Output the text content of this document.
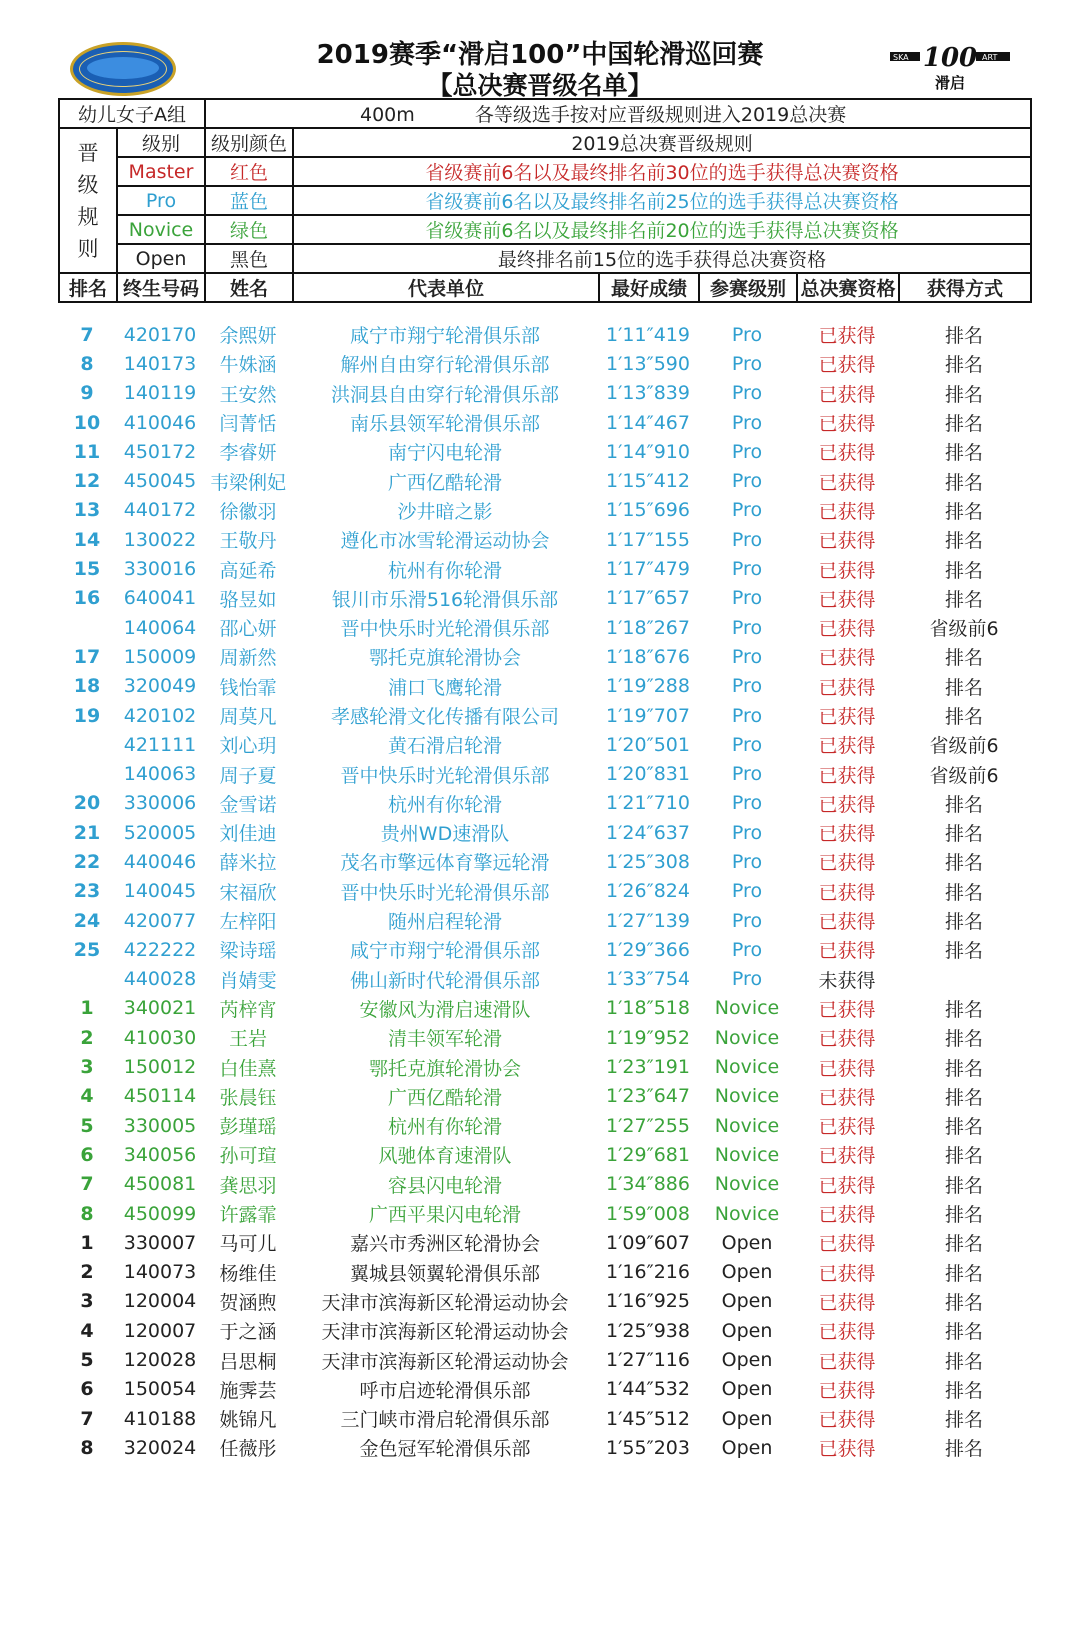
2019赛季“滑启100”中国轮滑巡回赛
【总决赛晋级名单】
SKA	ART
100
滑启
幼儿女子A组		400m 各等级选手按对应晋级规则进入2019总决赛					

晋
级
规
则	级别	级别颜色	2019总决赛晋级规则				
	Master	红色	省级赛前6名以及最终排名前30位的选手获得总决赛资格				
	Pro	蓝色	省级赛前6名以及最终排名前25位的选手获得总决赛资格				
	Novice	绿色	省级赛前6名以及最终排名前20位的选手获得总决赛资格				
	Open	黑色	最终排名前15位的选手获得总决赛资格				
排名	终生号码	姓名	代表单位	最好成绩	参赛级别	总决赛资格	获得方式
7	420170	余熙妍	咸宁市翔宁轮滑俱乐部	1′11″419	Pro	已获得	排名
8	140173	牛姝涵	解州自由穿行轮滑俱乐部	1′13″590	Pro	已获得	排名
9	140119	王安然	洪洞县自由穿行轮滑俱乐部	1′13″839	Pro	已获得	排名
10	410046	闫菁恬	南乐县领军轮滑俱乐部	1′14″467	Pro	已获得	排名
11	450172	李睿妍	南宁闪电轮滑	1′14″910	Pro	已获得	排名
12	450045	韦梁俐妃	广西亿酷轮滑	1′15″412	Pro	已获得	排名
13	440172	徐徽羽	沙井暗之影	1′15″696	Pro	已获得	排名
14	130022	王敬丹	遵化市冰雪轮滑运动协会	1′17″155	Pro	已获得	排名
15	330016	高延希	杭州有你轮滑	1′17″479	Pro	已获得	排名
16	640041	骆昱如	银川市乐滑516轮滑俱乐部	1′17″657	Pro	已获得	排名
	140064	邵心妍	晋中快乐时光轮滑俱乐部	1′18″267	Pro	已获得	省级前6
17	150009	周新然	鄂托克旗轮滑协会	1′18″676	Pro	已获得	排名
18	320049	钱怡霏	浦口飞鹰轮滑	1′19″288	Pro	已获得	排名
19	420102	周莫凡	孝感轮滑文化传播有限公司	1′19″707	Pro	已获得	排名
	421111	刘心玥	黄石滑启轮滑	1′20″501	Pro	已获得	省级前6
	140063	周子夏	晋中快乐时光轮滑俱乐部	1′20″831	Pro	已获得	省级前6
20	330006	金雪诺	杭州有你轮滑	1′21″710	Pro	已获得	排名
21	520005	刘佳迪	贵州WD速滑队	1′24″637	Pro	已获得	排名
22	440046	薛米拉	茂名市擎远体育擎远轮滑	1′25″308	Pro	已获得	排名
23	140045	宋福欣	晋中快乐时光轮滑俱乐部	1′26″824	Pro	已获得	排名
24	420077	左梓阳	随州启程轮滑	1′27″139	Pro	已获得	排名
25	422222	梁诗瑶	咸宁市翔宁轮滑俱乐部	1′29″366	Pro	已获得	排名
	440028	肖婧雯	佛山新时代轮滑俱乐部	1′33″754	Pro	未获得	
1	340021	芮梓宵	安徽风为滑启速滑队	1′18″518	Novice	已获得	排名
2	410030	王岩	清丰领军轮滑	1′19″952	Novice	已获得	排名
3	150012	白佳熹	鄂托克旗轮滑协会	1′23″191	Novice	已获得	排名
4	450114	张晨钰	广西亿酷轮滑	1′23″647	Novice	已获得	排名
5	330005	彭瑾瑶	杭州有你轮滑	1′27″255	Novice	已获得	排名
6	340056	孙可瑄	风驰体育速滑队	1′29″681	Novice	已获得	排名
7	450081	龚思羽	容县闪电轮滑	1′34″886	Novice	已获得	排名
8	450099	许露霏	广西平果闪电轮滑	1′59″008	Novice	已获得	排名
1	330007	马可儿	嘉兴市秀洲区轮滑协会	1′09″607	Open	已获得	排名
2	140073	杨维佳	翼城县领翼轮滑俱乐部	1′16″216	Open	已获得	排名
3	120004	贺涵煦	天津市滨海新区轮滑运动协会	1′16″925	Open	已获得	排名
4	120007	于之涵	天津市滨海新区轮滑运动协会	1′25″938	Open	已获得	排名
5	120028	吕思桐	天津市滨海新区轮滑运动协会	1′27″116	Open	已获得	排名
6	150054	施霁芸	呼市启迹轮滑俱乐部	1′44″532	Open	已获得	排名
7	410188	姚锦凡	三门峡市滑启轮滑俱乐部	1′45″512	Open	已获得	排名
8	320024	任薇彤	金色冠军轮滑俱乐部	1′55″203	Open	已获得	排名
